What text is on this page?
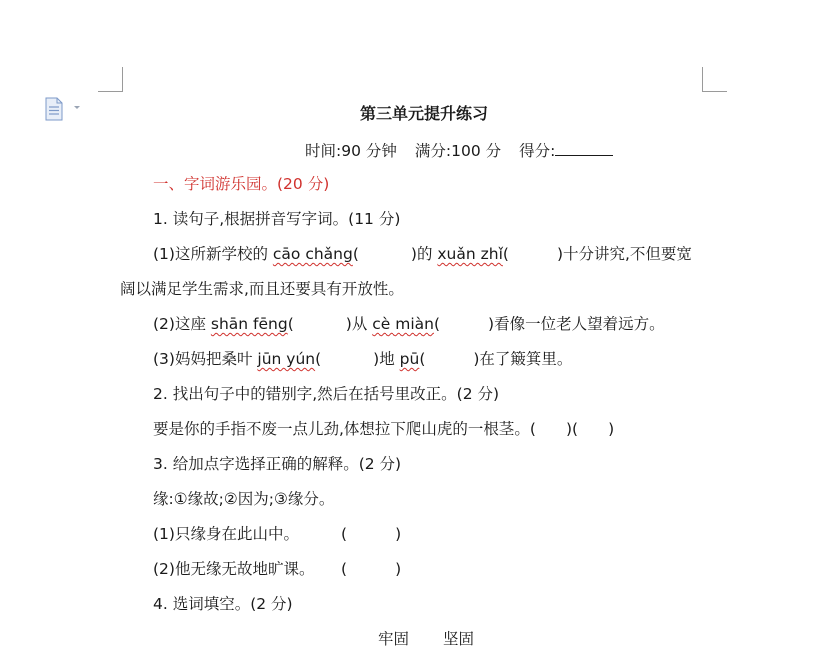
第三单元提升练习
时间:90 分钟 满分:100 分 得分:
一、字词游乐园。(20 分)
1. 读句子,根据拼音写字词。(11 分)
(1)这所新学校的 cāo chǎng(	)的 xuǎn zhǐ(	)十分讲究,不但要宽
阔以满足学生需求,而且还要具有开放性。
(2)这座 shān fēng(	)从 cè miàn(	)看像一位老人望着远方。
(3)妈妈把桑叶 jūn yún(	)地 pū(	)在了簸箕里。
2. 找出句子中的错别字,然后在括号里改正。(2 分)
要是你的手指不废一点儿劲,体想拉下爬山虎的一根茎。( )( )
3. 给加点字选择正确的解释。(2 分)
缘:①缘故;②因为;③缘分。
(1)只缘身在此山中。	(	)
(2)他无缘无故地旷课。 (	)
4. 选词填空。(2 分)
牢固 坚固
